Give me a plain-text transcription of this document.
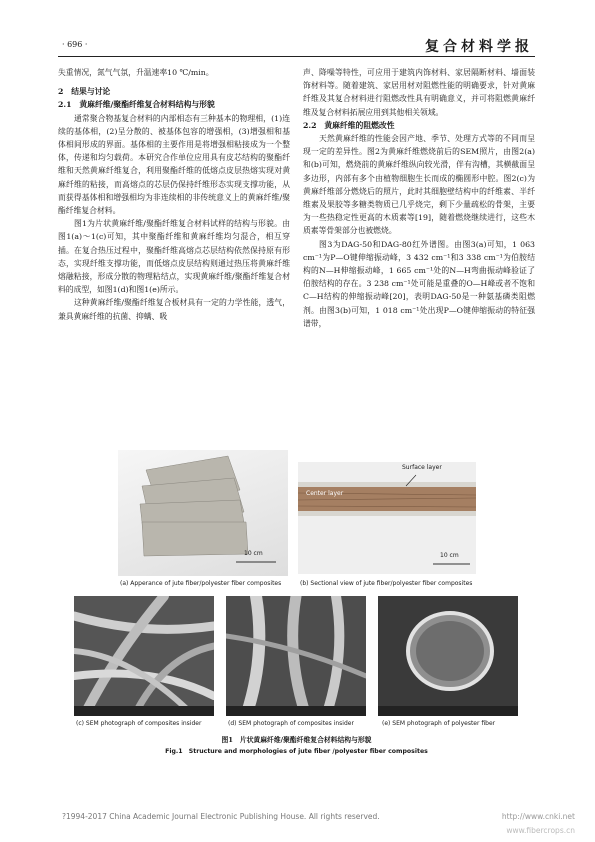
· 696 ·	复合材料学报

失重情况，氮气气氛，升温速率10 ℃/min。

2　结果与讨论

2.1　黄麻纤维/聚酯纤维复合材料结构与形貌

通常聚合物基复合材料的内部相态有三种基本的物理相，(1)连续的基体相，(2)呈分散的、被基体包容的增强相，(3)增强相和基体相间形成的界面。基体相的主要作用是将增强相粘接成为一个整体，传递和均匀载荷。本研究合作单位应用具有皮芯结构的聚酯纤维和天然黄麻纤维复合，利用聚酯纤维的低熔点皮层热熔实现对黄麻纤维的粘接，而高熔点的芯层仍保持纤维形态实现支撑功能，从而获得基体相和增强相均为非连续相的非传统意义上的黄麻纤维/聚酯纤维复合材料。

图1为片状黄麻纤维/聚酯纤维复合材料试样的结构与形貌。由图1(a)～1(c)可知，其中聚酯纤维和黄麻纤维均匀混合，相互穿插。在复合热压过程中，聚酯纤维高熔点芯层结构依然保持原有形态，实现纤维支撑功能，而低熔点皮层结构则通过热压将黄麻纤维熔融粘接，形成分散的物理粘结点，实现黄麻纤维/聚酯纤维复合材料的成型，如图1(d)和图1(e)所示。

这种黄麻纤维/聚酯纤维复合板材具有一定的力学性能，透气，兼具黄麻纤维的抗菌、抑螨、吸

声、降噪等特性，可应用于建筑内饰材料、家居隔断材料、墙面装饰材料等。随着建筑、家居用材对阻燃性能的明确要求，针对黄麻纤维及其复合材料进行阻燃改性具有明确意义，并可将阻燃黄麻纤维及复合材料拓展应用到其他相关领域。

2.2　黄麻纤维的阻燃改性

天然黄麻纤维的性能会因产地、季节、处理方式等的不同而呈现一定的差异性。图2为黄麻纤维燃烧前后的SEM照片，由图2(a)和(b)可知，燃烧前的黄麻纤维纵向较光滑，伴有沟槽，其横截面呈多边形，内部有多个由植物细胞生长而成的椭圆形中腔。图2(c)为黄麻纤维部分燃烧后的照片，此时其细胞壁结构中的纤维素、半纤维素及果胶等多糖类物质已几乎烧完，剩下少量疏松的骨架，主要为一些热稳定性更高的木质素等[19]，随着燃烧继续进行，这些木质素等骨架部分也被燃烧。

图3为DAG-50和DAG-80红外谱图。由图3(a)可知，1 063 cm⁻¹为P—O键伸缩振动峰，3 432 cm⁻¹和3 338 cm⁻¹为伯胺结构的N—H伸缩振动峰，1 665 cm⁻¹处的N—H弯曲振动峰验证了伯胺结构的存在。3 238 cm⁻¹处可能是重叠的O—H峰或者不饱和C—H结构的伸缩振动峰[20]，表明DAG-50是一种氨基磷类阻燃剂。由图3(b)可知，1 018 cm⁻¹处出现P—O键伸缩振动的特征强谱带，

10 cm
(a) Apperance of jute fiber/polyester fiber composites
Surface layer
Center layer
10 cm
(b) Sectional view of jute fiber/polyester fiber composites
(c) SEM photograph of composites insider	(d) SEM photograph of composites insider	(e) SEM photograph of polyester fiber
图1　片状黄麻纤维/聚酯纤维复合材料结构与形貌
Fig.1　Structure and morphologies of jute fiber /polyester fiber composites
?1994-2017 China Academic Journal Electronic Publishing House. All rights reserved.	http://www.cnki.net
www.fibercrops.cn
